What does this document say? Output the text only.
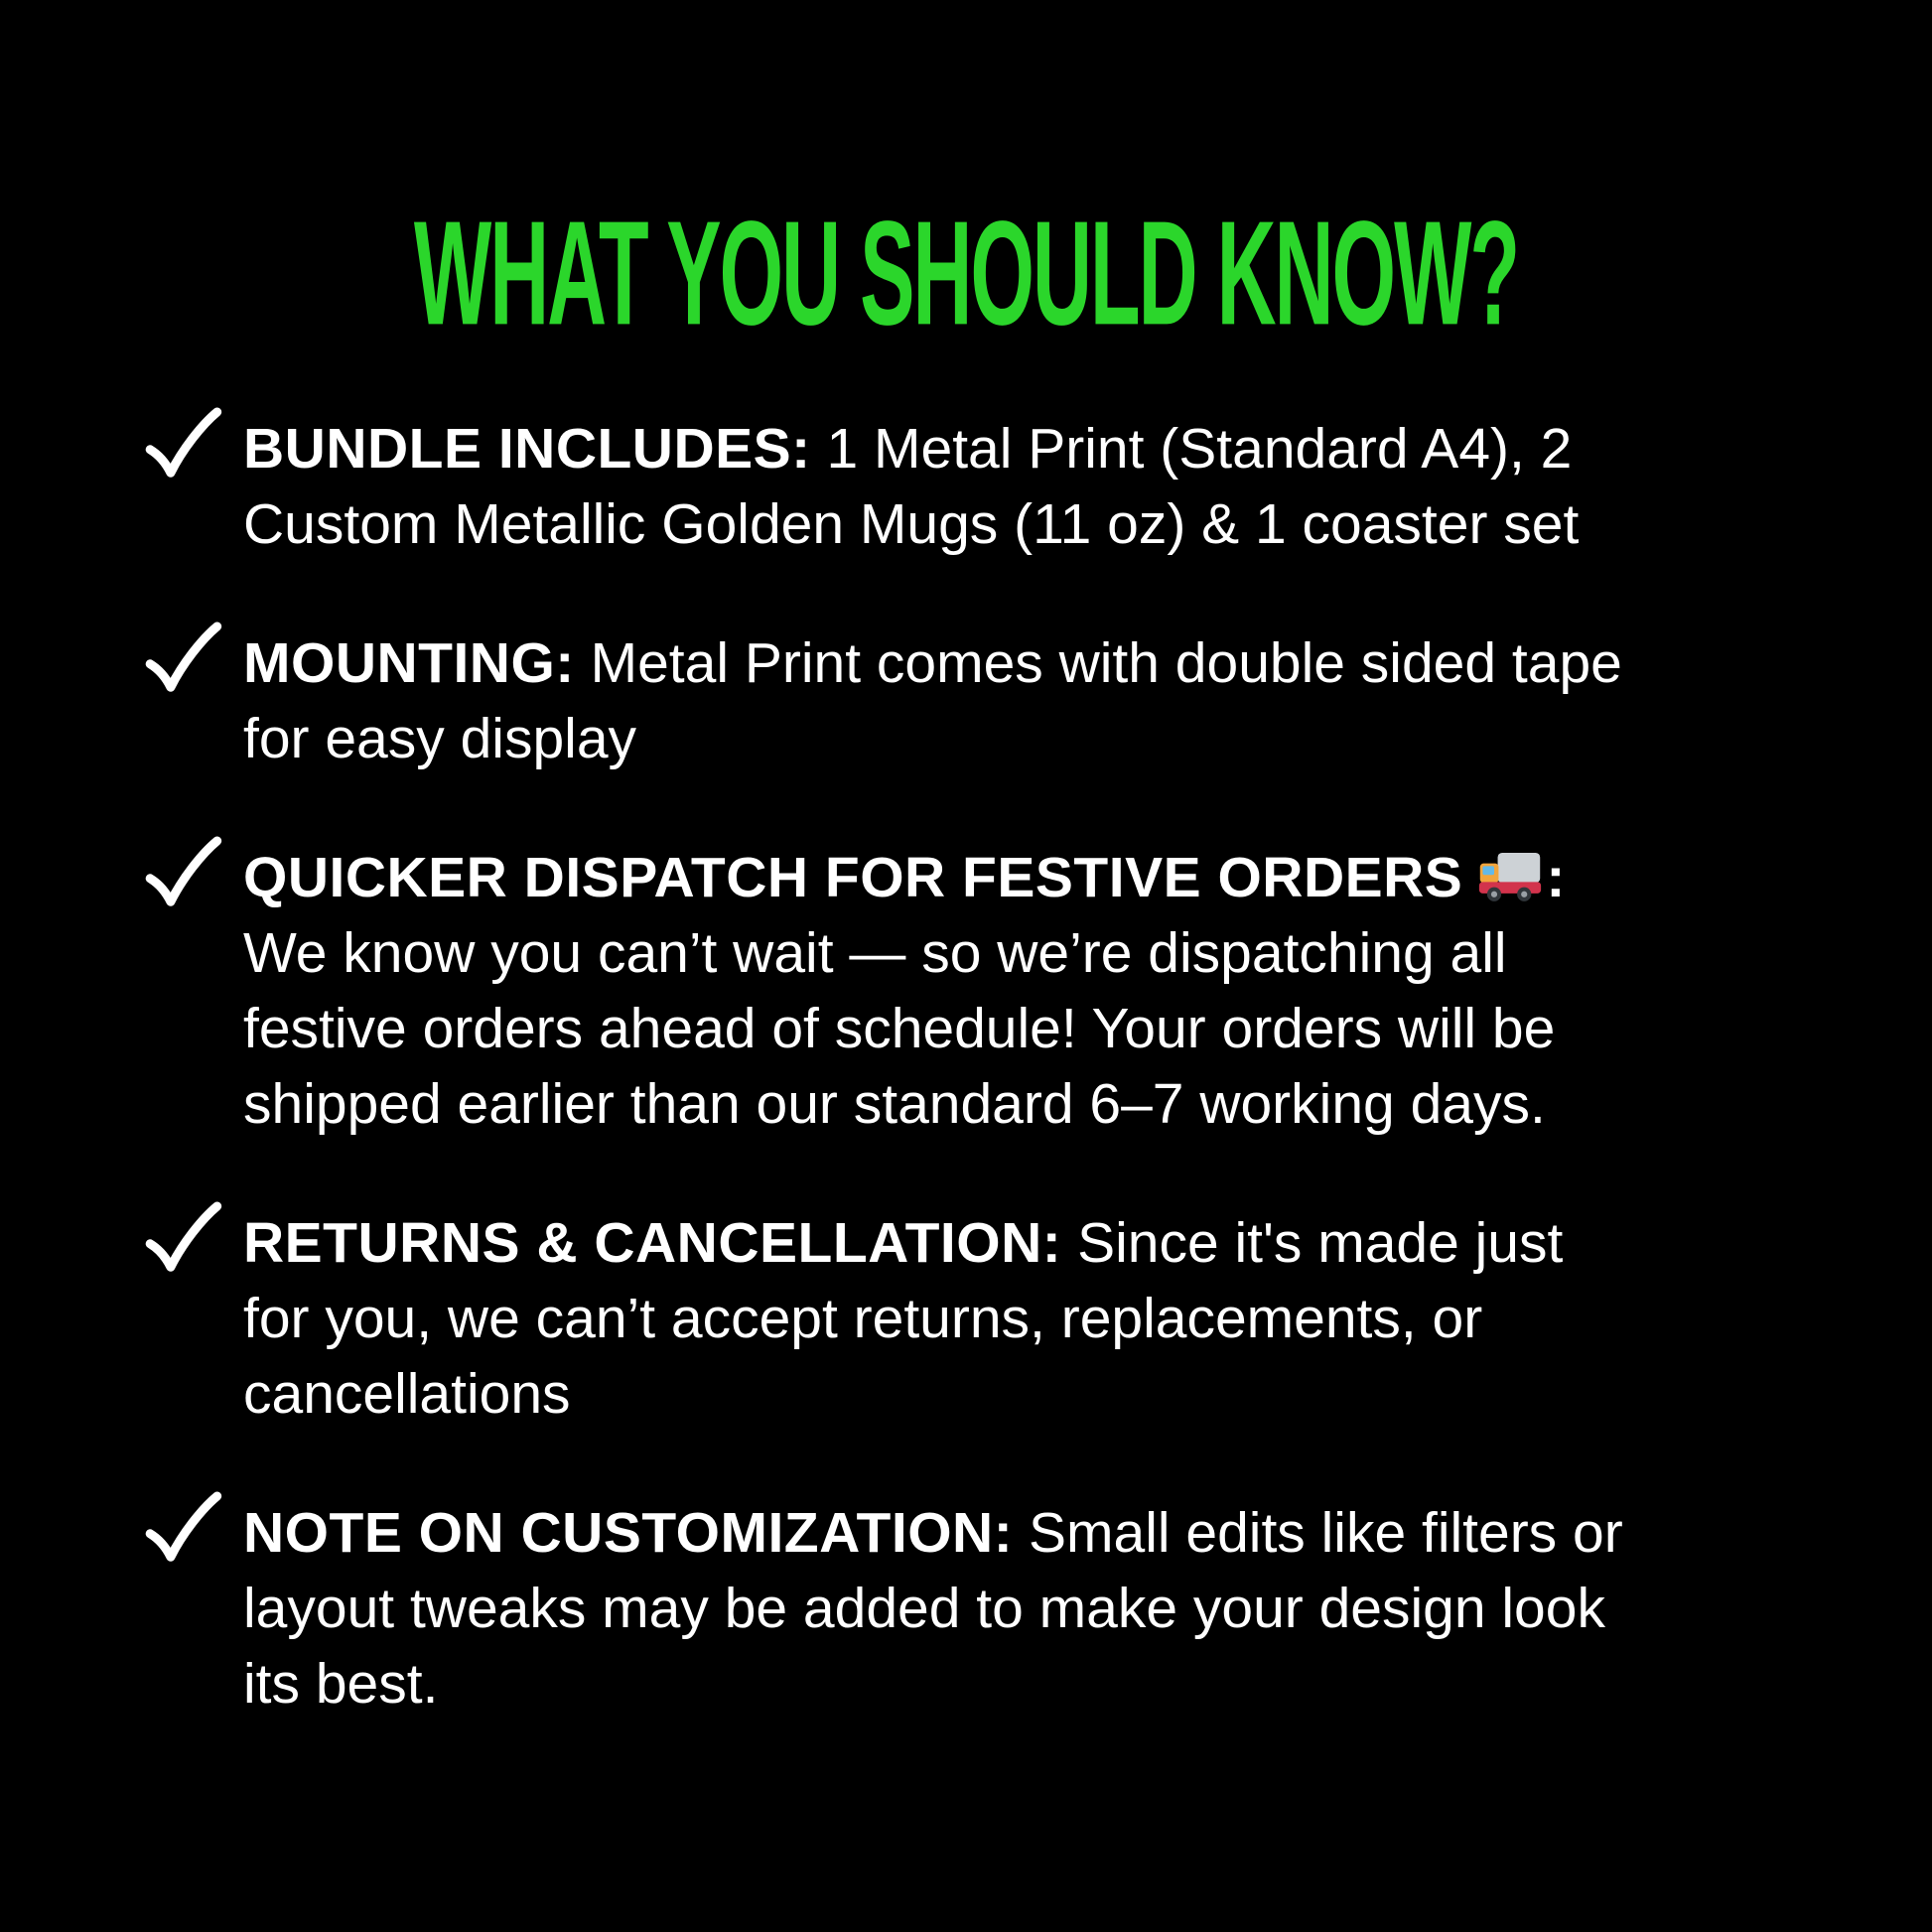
WHAT YOU SHOULD KNOW?

BUNDLE INCLUDES: 1 Metal Print (Standard A4), 2 Custom Metallic Golden Mugs (11 oz) & 1 coaster set

MOUNTING: Metal Print comes with double sided tape for easy display

QUICKER DISPATCH FOR FESTIVE ORDERS : We know you can’t wait — so we’re dispatching all festive orders ahead of schedule! Your orders will be shipped earlier than our standard 6–7 working days.

RETURNS & CANCELLATION: Since it's made just for you, we can’t accept returns, replacements, or cancellations

NOTE ON CUSTOMIZATION: Small edits like filters or layout tweaks may be added to make your design look its best.
